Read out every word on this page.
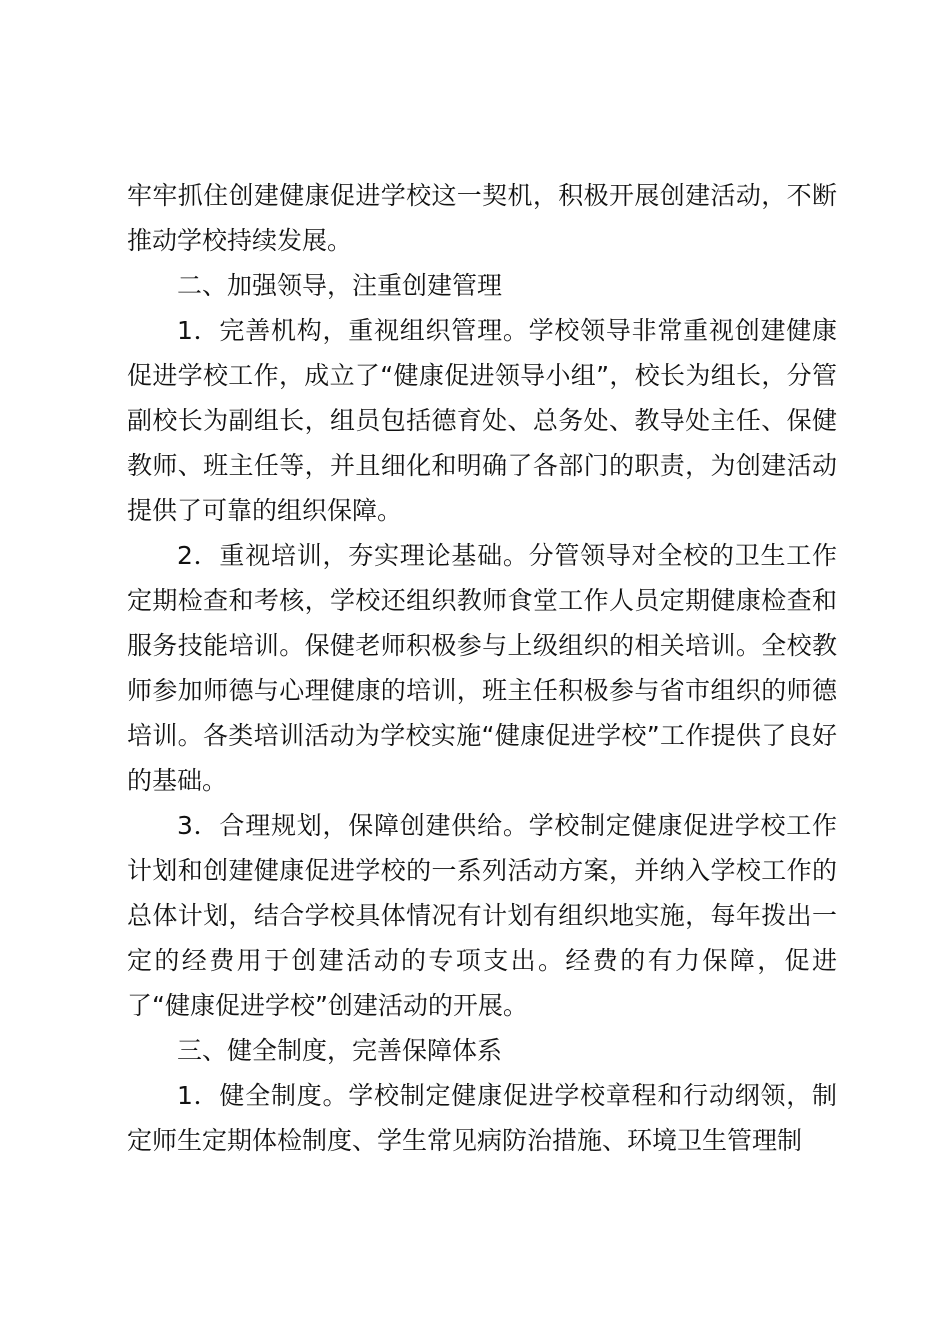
牢牢抓住创建健康促进学校这一契机，积极开展创建活动，不断推动学校持续发展。

二、加强领导，注重创建管理

1．完善机构，重视组织管理。学校领导非常重视创建健康促进学校工作，成立了“健康促进领导小组”，校长为组长，分管副校长为副组长，组员包括德育处、总务处、教导处主任、保健教师、班主任等，并且细化和明确了各部门的职责，为创建活动提供了可靠的组织保障。

2．重视培训，夯实理论基础。分管领导对全校的卫生工作定期检查和考核，学校还组织教师食堂工作人员定期健康检查和服务技能培训。保健老师积极参与上级组织的相关培训。全校教师参加师德与心理健康的培训，班主任积极参与省市组织的师德培训。各类培训活动为学校实施“健康促进学校”工作提供了良好的基础。

3．合理规划，保障创建供给。学校制定健康促进学校工作计划和创建健康促进学校的一系列活动方案，并纳入学校工作的总体计划，结合学校具体情况有计划有组织地实施，每年拨出一定的经费用于创建活动的专项支出。经费的有力保障，促进了“健康促进学校”创建活动的开展。

三、健全制度，完善保障体系

1．健全制度。学校制定健康促进学校章程和行动纲领，制定师生定期体检制度、学生常见病防治措施、环境卫生管理制
